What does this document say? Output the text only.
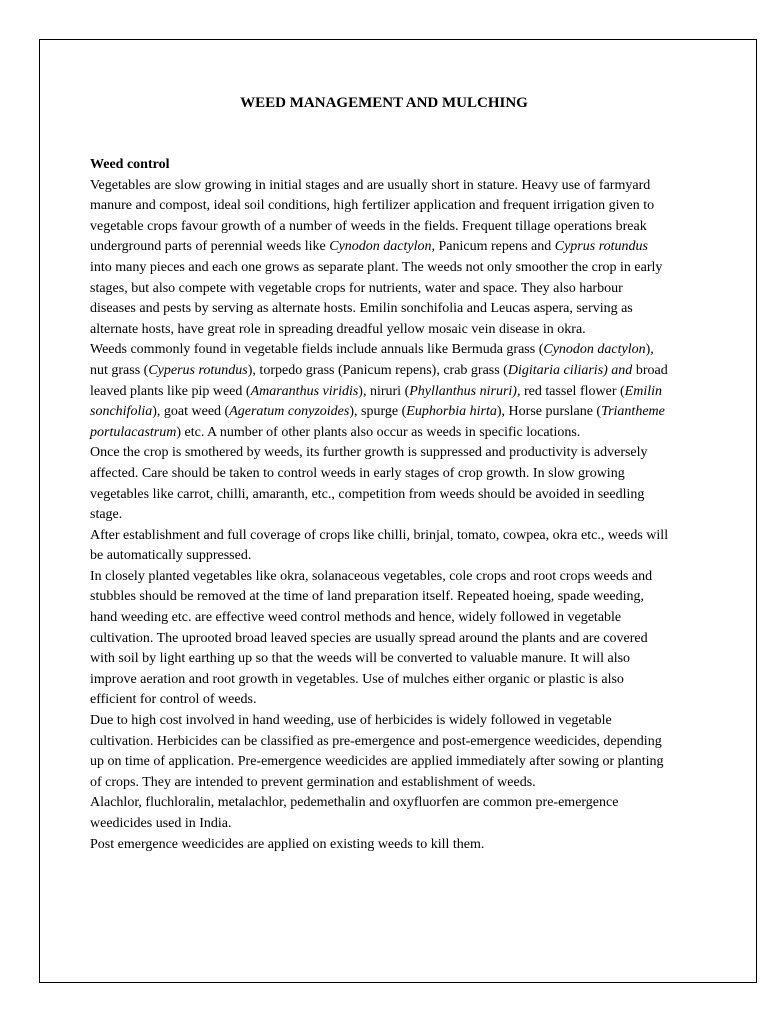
WEED MANAGEMENT AND MULCHING

Weed control

Vegetables are slow growing in initial stages and are usually short in stature. Heavy use of farmyard manure and compost, ideal soil conditions, high fertilizer application and frequent irrigation given to vegetable crops favour growth of a number of weeds in the fields. Frequent tillage operations break underground parts of perennial weeds like Cynodon dactylon, Panicum repens and Cyprus rotundus into many pieces and each one grows as separate plant. The weeds not only smoother the crop in early stages, but also compete with vegetable crops for nutrients, water and space. They also harbour diseases and pests by serving as alternate hosts. Emilin sonchifolia and Leucas aspera, serving as alternate hosts, have great role in spreading dreadful yellow mosaic vein disease in okra.

Weeds commonly found in vegetable fields include annuals like Bermuda grass (Cynodon dactylon), nut grass (Cyperus rotundus), torpedo grass (Panicum repens), crab grass (Digitaria ciliaris) and broad leaved plants like pip weed (Amaranthus viridis), niruri (Phyllanthus niruri), red tassel flower (Emilin sonchifolia), goat weed (Ageratum conyzoides), spurge (Euphorbia hirta), Horse purslane (Triantheme portulacastrum) etc. A number of other plants also occur as weeds in specific locations.

Once the crop is smothered by weeds, its further growth is suppressed and productivity is adversely affected. Care should be taken to control weeds in early stages of crop growth. In slow growing vegetables like carrot, chilli, amaranth, etc., competition from weeds should be avoided in seedling stage.

After establishment and full coverage of crops like chilli, brinjal, tomato, cowpea, okra etc., weeds will be automatically suppressed.

In closely planted vegetables like okra, solanaceous vegetables, cole crops and root crops weeds and stubbles should be removed at the time of land preparation itself. Repeated hoeing, spade weeding, hand weeding etc. are effective weed control methods and hence, widely followed in vegetable cultivation. The uprooted broad leaved species are usually spread around the plants and are covered with soil by light earthing up so that the weeds will be converted to valuable manure. It will also improve aeration and root growth in vegetables. Use of mulches either organic or plastic is also efficient for control of weeds.

Due to high cost involved in hand weeding, use of herbicides is widely followed in vegetable cultivation. Herbicides can be classified as pre-emergence and post-emergence weedicides, depending up on time of application. Pre-emergence weedicides are applied immediately after sowing or planting of crops. They are intended to prevent germination and establishment of weeds.

Alachlor, fluchloralin, metalachlor, pedemethalin and oxyfluorfen are common pre-emergence weedicides used in India.

Post emergence weedicides are applied on existing weeds to kill them.
